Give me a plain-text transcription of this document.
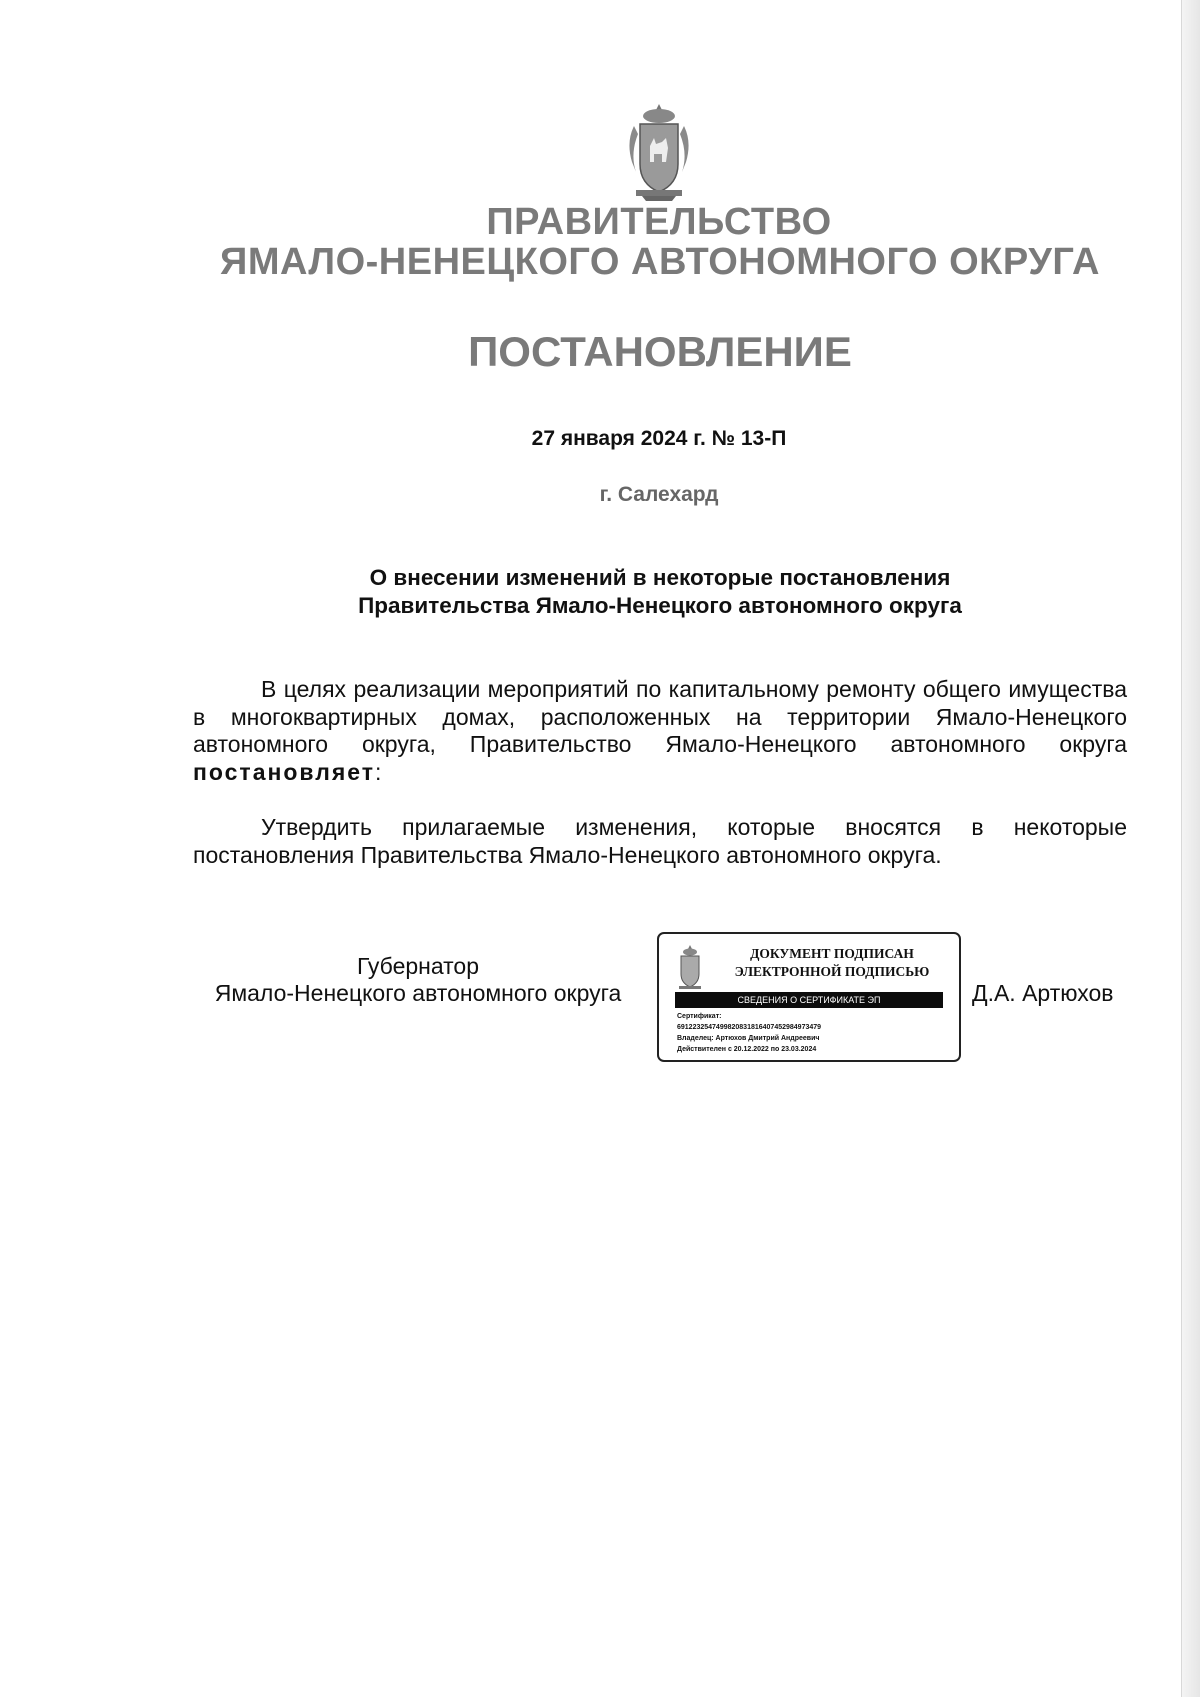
ПРАВИТЕЛЬСТВО
ЯМАЛО-НЕНЕЦКОГО АВТОНОМНОГО ОКРУГА
ПОСТАНОВЛЕНИЕ
27 января 2024 г. № 13-П
г. Салехард
О внесении изменений в некоторые постановления
Правительства Ямало-Ненецкого автономного округа
В целях реализации мероприятий по капитальному ремонту общего имущества в многоквартирных домах, расположенных на территории Ямало-Ненецкого автономного округа, Правительство Ямало-Ненецкого автономного округа постановляет:
Утвердить прилагаемые изменения, которые вносятся в некоторые постановления Правительства Ямало-Ненецкого автономного округа.
Губернатор
Ямало-Ненецкого автономного округа	Д.А. Артюхов
ДОКУМЕНТ ПОДПИСАН
ЭЛЕКТРОННОЙ ПОДПИСЬЮ
СВЕДЕНИЯ О СЕРТИФИКАТЕ ЭП
Сертификат:
6912232547499820831816407452984973479
Владелец: Артюхов Дмитрий Андреевич
Действителен с 20.12.2022 по 23.03.2024
